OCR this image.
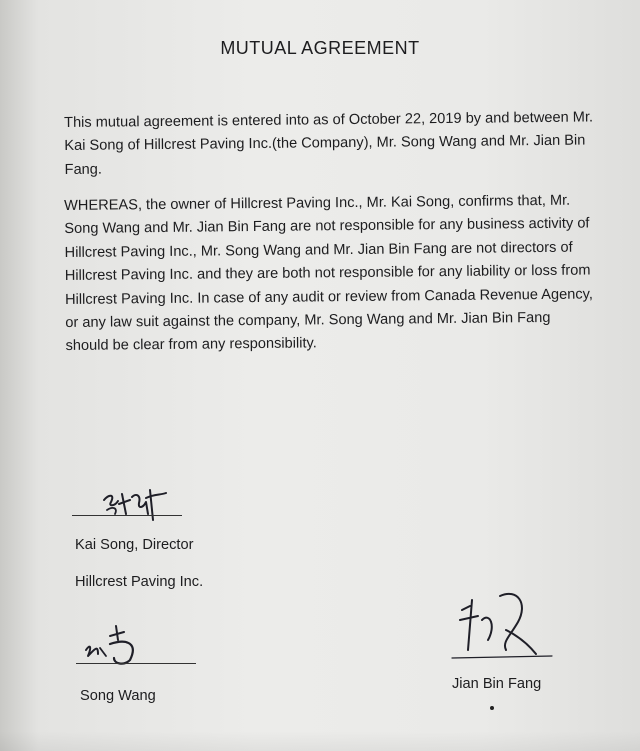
MUTUAL AGREEMENT

This mutual agreement is entered into as of October 22, 2019 by and between Mr. Kai Song of Hillcrest Paving Inc.(the Company), Mr. Song Wang and Mr. Jian Bin Fang.

WHEREAS, the owner of Hillcrest Paving Inc., Mr. Kai Song, confirms that, Mr. Song Wang and Mr. Jian Bin Fang are not responsible for any business activity of Hillcrest Paving Inc., Mr. Song Wang and Mr. Jian Bin Fang are not directors of Hillcrest Paving Inc. and they are both not responsible for any liability or loss from Hillcrest Paving Inc. In case of any audit or review from Canada Revenue Agency, or any law suit against the company, Mr. Song Wang and Mr. Jian Bin Fang should be clear from any responsibility.

Kai Song, Director

Hillcrest Paving Inc.

Song Wang

Jian Bin Fang
